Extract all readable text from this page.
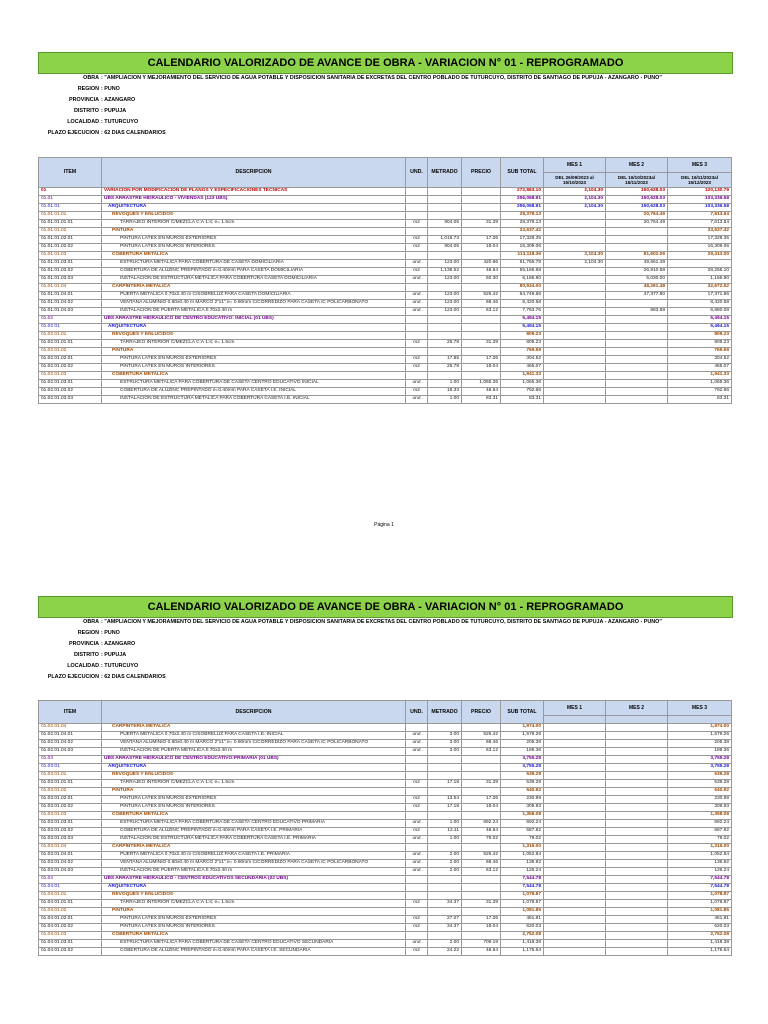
CALENDARIO VALORIZADO DE AVANCE DE OBRA - VARIACION N° 01 - REPROGRAMADO
OBRA : "AMPLIACION Y MEJORAMIENTO DEL SERVICIO DE AGUA POTABLE Y DISPOSICION SANITARIA DE EXCRETAS DEL CENTRO POBLADO DE TUTURCUYO, DISTRITO DE SANTIAGO DE PUPUJA - AZANGARO - PUNO"
REGION : PUNO
PROVINCIA : AZANGARO
DISTRITO : PUPUJA
LOCALIDAD : TUTURCUYO
PLAZO EJECUCION : 62 DIAS CALENDARIOS
ITEM	DESCRIPCION	UND.	METRADO	PRECIO	SUB TOTAL	MES 1	MES 2	MES 3
						DEL 26/09/2023 al 15/10/2023	DEL 16/10/2023al 15/11/2023	DEL 16/11/2023al 15/12/2023
01	VARIACIÓN POR MODIFICACION DE PLANOS Y ESPECIFICACIONES TECNICAS				272,863.10	2,104.30	150,628.03	120,130.79
01.01	UBS ARRASTRE HIDRAULICO - VIVIENDAS (123 UBS)				256,068.91	2,104.30	150,628.03	103,336.58
01.01.01	ARQUITECTURA				256,068.91	2,104.30	150,628.03	103,336.58
01.01.01.01	REVOQUES Y ENLUCIDOS				28,378.13		20,764.49	7,613.64
01.01.01.01.01	TARRAJEO INTERIOR C/MEZCLA C:A 1:4; e= 1.5cm	m2	904.05	31.39	28,378.13		20,764.49	7,613.64
01.01.01.02	PINTURA				33,637.42			33,637.42
01.01.01.02.01	PINTURA LATEX EN MUROS EXTERIORES	m2	1,015.73	17.06	17,328.35			17,328.35
01.01.01.02.02	PINTURA LATEX EN MUROS INTERIORES	m2	904.05	18.04	16,309.06			16,309.06
01.01.01.03	COBERTURA METALICA				113,118.36	2,104.30	81,602.06	29,413.00
01.01.01.03.01	ESTRUCTURA METALICA PARA COBERTURA DE CASETA DOMICILIARIA	und	123.00	420.86	51,765.78	2,104.30	49,661.48	
01.01.01.03.02	COBERTURA DE ALUZINC PREPINTADO e=0.40mm PARA CASETA DOMICILIARIA	m2	1,136.52	48.54	55,166.68		26,910.58	28,256.10
01.01.01.03.03	INSTALACION DE ESTRUCTURA METALICA PARA COBERTURA CASETA DOMICILIARIA	und	123.00	50.30	6,186.90		5,030.00	1,156.90
01.01.01.04	CARPINTERIA METALICA				80,934.00		48,261.48	32,672.52
01.01.01.04.01	PUERTA METALICA 0.70x2.40 m C/SOBRELUZ PARA CASETA DOMICILIARIA	und	123.00	526.42	64,749.66		47,377.80	17,371.86
01.01.01.04.02	VENTANA ALUMINIO 0.60x0.40 m MARCO 2"x1" e= 0.90mm C/CORREDIZO PARA CASETA /C POLICARBONATO	und	123.00	68.46	8,420.58			8,420.58
01.01.01.04.03	INSTALACION DE PUERTA METALICA 0.70x2.40 m	und	123.00	63.12	7,763.76		883.68	6,880.08
01.02	UBS ARRASTRE HIDRAULICO DE CENTRO EDUCATIVO: INICIAL (01 UBS)				5,494.15			5,494.15
01.02.01	ARQUITECTURA				5,494.15			5,494.15
01.02.01.01	REVOQUES Y ENLUCIDOS				809.23			809.23
01.02.01.01.01	TARRAJEO INTERIOR C/MEZCLA C:A 1:4; e= 1.5cm	m2	25.78	31.39	809.23			809.23
01.02.01.02	PINTURA				769.59			769.59
01.02.01.02.01	PINTURA LATEX EN MUROS EXTERIORES	m2	17.85	17.06	304.52			304.52
01.02.01.02.02	PINTURA LATEX EN MUROS INTERIORES	m2	25.78	18.04	465.07			465.07
01.02.01.03	COBERTURA METALICA				1,941.33			1,941.33
01.02.01.03.01	ESTRUCTURA METALICA PARA COBERTURA DE CASETA CENTRO EDUCATIVO INICIAL	und	1.00	1,065.36	1,065.36			1,065.36
01.02.01.03.02	COBERTURA DE ALUZINC PREPINTADO e=0.40mm PARA CASETA I.E. INICIAL	m2	16.33	48.54	792.66			792.66
01.02.01.03.03	INSTALACION DE ESTRUCTURA METALICA PARA COBERTURA CASETA I.E. INICIAL	und	1.00	83.31	83.31			83.31
Página 1
CALENDARIO VALORIZADO DE AVANCE DE OBRA - VARIACION N° 01 - REPROGRAMADO
OBRA : "AMPLIACION Y MEJORAMIENTO DEL SERVICIO DE AGUA POTABLE Y DISPOSICION SANITARIA DE EXCRETAS DEL CENTRO POBLADO DE TUTURCUYO, DISTRITO DE SANTIAGO DE PUPUJA - AZANGARO - PUNO"
REGION : PUNO
PROVINCIA : AZANGARO
DISTRITO : PUPUJA
LOCALIDAD : TUTURCUYO
PLAZO EJECUCION : 62 DIAS CALENDARIOS
ITEM	DESCRIPCION	UND.	METRADO	PRECIO	SUB TOTAL	MES 1	MES 2	MES 3

01.02.01.04	CARPINTERIA METALICA				1,974.00			1,974.00
01.02.01.04.01	PUERTA METALICA 0.70x2.40 m C/SOBRELUZ PARA CASETA I.E. INICIAL	und	3.00	526.42	1,579.26			1,579.26
01.02.01.04.02	VENTANA ALUMINIO 0.60x0.40 m MARCO 2"x1" e= 0.90mm C/CORREDIZO PARA CASETA /C POLICARBONATO	und	3.00	68.46	205.38			205.38
01.02.01.04.03	INSTALACION DE PUERTA METALICA 0.70x2.40 m	und	3.00	63.12	189.36			189.36
01.03	UBS ARRASTRE HIDRAULICO DE CENTRO EDUCATIVO:PRIMARIA (01 UBS)				3,755.28			3,755.28
01.03.01	ARQUITECTURA				3,755.28			3,755.28
01.03.01.01	REVOQUES Y ENLUCIDOS				539.28			539.28
01.03.01.01.01	TARRAJEO INTERIOR C/MEZCLA C:A 1:4; e= 1.5cm	m2	17.18	31.39	539.28			539.28
01.03.01.02	PINTURA				540.92			540.92
01.03.01.02.01	PINTURA LATEX EN MUROS EXTERIORES	m2	13.54	17.06	230.99			230.99
01.03.01.02.02	PINTURA LATEX EN MUROS INTERIORES	m2	17.18	18.04	309.93			309.93
01.03.01.03	COBERTURA METALICA				1,358.08			1,358.08
01.03.01.03.01	ESTRUCTURA METALICA PARA COBERTURA DE CASETA CENTRO EDUCATIVO PRIMARIA	und	1.00	692.24	692.24			692.24
01.03.01.03.02	COBERTURA DE ALUZINC PREPINTADO e=0.40mm PARA CASETA I.E. PRIMARIA	m2	12.11	48.54	587.82			587.82
01.03.01.03.03	INSTALACION DE ESTRUCTURA METALICA PARA COBERTURA CASETA I.E. PRIMARIA	und	1.00	79.02	79.02			79.02
01.03.01.04	CARPINTERIA METALICA				1,316.00			1,316.00
01.03.01.04.01	PUERTA METALICA 0.70x2.40 m C/SOBRELUZ PARA CASETA I.E. PRIMARIA	und	2.00	526.42	1,052.84			1,052.84
01.03.01.04.02	VENTANA ALUMINIO 0.60x0.40 m MARCO 2"x1" e= 0.90mm C/CORREDIZO PARA CASETA /C POLICARBONATO	und	2.00	68.46	136.92			136.92
01.03.01.04.03	INSTALACION DE PUERTA METALICA 0.70x2.40 m	und	2.00	63.12	126.24			126.24
01.04	UBS ARRASTRE HIDRAULICO - CENTROS EDUCATIVOS SECUNDARIA (02 UBS)				7,544.78			7,544.78
01.04.01	ARQUITECTURA				7,544.78			7,544.78
01.04.01.01	REVOQUES Y ENLUCIDOS				1,078.87			1,078.87
01.04.01.01.01	TARRAJEO INTERIOR C/MEZCLA C:A 1:4; e= 1.5cm	m2	34.37	31.39	1,078.87			1,078.87
01.04.01.02	PINTURA				1,081.85			1,081.85
01.04.01.02.01	PINTURA LATEX EN MUROS EXTERIORES	m2	27.07	17.06	461.81			461.81
01.04.01.02.02	PINTURA LATEX EN MUROS INTERIORES	m2	34.37	18.04	620.03			620.03
01.04.01.03	COBERTURA METALICA				2,752.08			2,752.08
01.04.01.03.01	ESTRUCTURA METALICA PARA COBERTURA DE CASETA CENTRO EDUCATIVO SECUNDARIA	und	2.00	709.19	1,418.38			1,418.38
01.04.01.03.02	COBERTURA DE ALUZINC PREPINTADO e=0.40mm PARA CASETA I.E. SECUNDARIA	m2	24.22	48.54	1,175.64			1,175.64
